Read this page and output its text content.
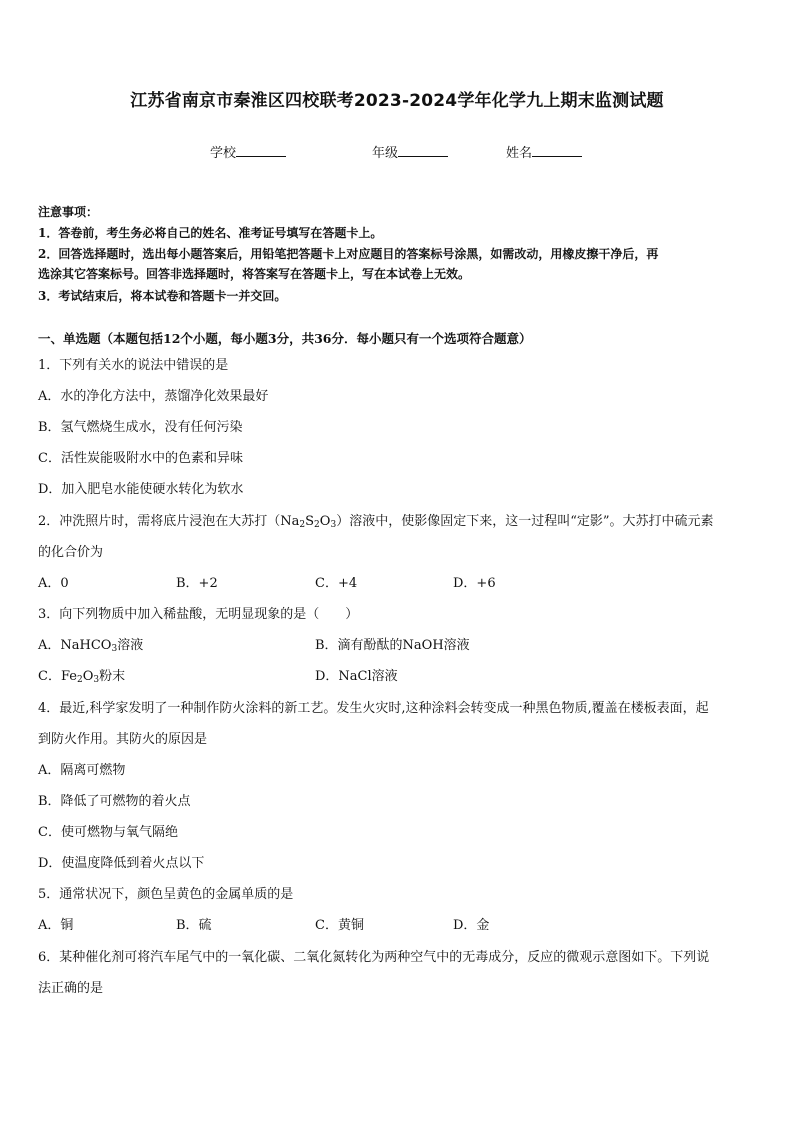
江苏省南京市秦淮区四校联考2023-2024学年化学九上期末监测试题
学校	年级	姓名
注意事项：
1．答卷前，考生务必将自己的姓名、准考证号填写在答题卡上。
2．回答选择题时，选出每小题答案后，用铅笔把答题卡上对应题目的答案标号涂黑，如需改动，用橡皮擦干净后，再
选涂其它答案标号。回答非选择题时，将答案写在答题卡上，写在本试卷上无效。
3．考试结束后，将本试卷和答题卡一并交回。
一、单选题（本题包括12个小题，每小题3分，共36分．每小题只有一个选项符合题意）
1．下列有关水的说法中错误的是
A．水的净化方法中，蒸馏净化效果最好
B．氢气燃烧生成水，没有任何污染
C．活性炭能吸附水中的色素和异味
D．加入肥皂水能使硬水转化为软水
2．冲洗照片时，需将底片浸泡在大苏打$(Na_2S_2O_3)$溶液中，使影像固定下来，这一过程叫“定影”。大苏打中硫元素
的化合价为
A．0	B．+2	C．+4	D．+6
3．向下列物质中加入稀盐酸，无明显现象的是（　　）
A．NaHCO$_3$溶液	B．滴有酚酞的NaOH溶液
C．$Fe_2O_3$粉末	D．NaCl溶液
4．最近,科学家发明了一种制作防火涂料的新工艺。发生火灾时,这种涂料会转变成一种黑色物质,覆盖在楼板表面，起
到防火作用。其防火的原因是
A．隔离可燃物
B．降低了可燃物的着火点
C．使可燃物与氧气隔绝
D．使温度降低到着火点以下
5．通常状况下，颜色呈黄色的金属单质的是
A．铜	B．硫	C．黄铜	D．金
6．某种催化剂可将汽车尾气中的一氧化碳、二氧化氮转化为两种空气中的无毒成分，反应的微观示意图如下。下列说
法正确的是
